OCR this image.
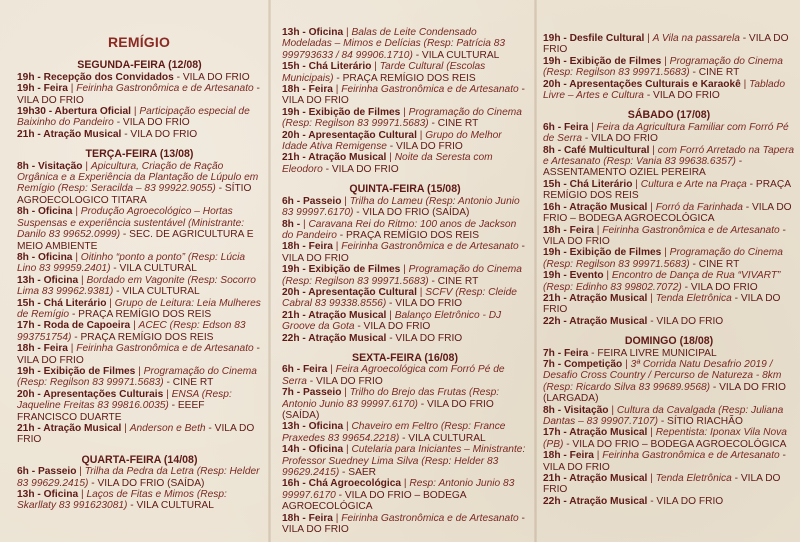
REMÍGIO
SEGUNDA-FEIRA (12/08)
19h - Recepção dos Convidados - VILA DO FRIO
19h - Feira | Feirinha Gastronômica e de Artesanato - VILA DO FRIO
19h30 - Abertura Oficial | Participação especial de Baixinho do Pandeiro - VILA DO FRIO
21h - Atração Musical - VILA DO FRIO
TERÇA-FEIRA (13/08)
8h - Visitação | Apicultura, Criação de Ração Orgânica e a Experiência da Plantação de Lúpulo em Remígio (Resp: Seracilda – 83 99922.9055) - SÍTIO AGROECOLOGICO TITARA
8h - Oficina | Produção Agroecológico – Hortas Suspensas e experiência sustentável (Ministrante: Danilo 83 99652.0999) - SEC. DE AGRICULTURA E MEIO AMBIENTE
8h - Oficina | Oitinho “ponto a ponto” (Resp: Lúcia Lino 83 99959.2401) - VILA CULTURAL
13h - Oficina | Bordado em Vagonite (Resp: Socorro Lima 83 99962.9381) - VILA CULTURAL
15h - Chá Literário | Grupo de Leitura: Leia Mulheres de Remígio - PRAÇA REMÍGIO DOS REIS
17h - Roda de Capoeira | ACEC (Resp: Edson 83 993751754) - PRAÇA REMÍGIO DOS REIS
18h - Feira | Feirinha Gastronômica e de Artesanato - VILA DO FRIO
19h - Exibição de Filmes | Programação do Cinema (Resp: Regilson 83 99971.5683) - CINE RT
20h - Apresentações Culturais | ENSA (Resp: Jaqueline Freitas 83 99816.0035) - EEEF FRANCISCO DUARTE
21h - Atração Musical | Anderson e Beth - VILA DO FRIO
QUARTA-FEIRA (14/08)
6h - Passeio | Trilha da Pedra da Letra (Resp: Helder 83 99629.2415) - VILA DO FRIO (SAÍDA)
13h - Oficina | Laços de Fitas e Mimos (Resp: Skarllaty 83 991623081) - VILA CULTURAL
13h - Oficina | Balas de Leite Condensado Modeladas – Mimos e Delícias (Resp: Patrícia 83 999793633 / 84 99906.1710) - VILA CULTURAL
15h - Chá Literário | Tarde Cultural (Escolas Municipais) - PRAÇA REMÍGIO DOS REIS
18h - Feira | Feirinha Gastronômica e de Artesanato - VILA DO FRIO
19h - Exibição de Filmes | Programação do Cinema (Resp: Regilson 83 99971.5683) - CINE RT
20h - Apresentação Cultural | Grupo do Melhor Idade Ativa Remigense - VILA DO FRIO
21h - Atração Musical | Noite da Seresta com Eleodoro - VILA DO FRIO
QUINTA-FEIRA (15/08)
6h - Passeio | Trilha do Lameu (Resp: Antonio Junio 83 99997.6170) - VILA DO FRIO (SAÍDA)
8h - | Caravana Rei do Ritmo: 100 anos de Jackson do Pandeiro - PRAÇA REMÍGIO DOS REIS
18h - Feira | Feirinha Gastronômica e de Artesanato - VILA DO FRIO
19h - Exibição de Filmes | Programação do Cinema (Resp: Regilson 83 99971.5683) - CINE RT
20h - Apresentação Cultural | SCFV (Resp: Cleide Cabral 83 99338.8556) - VILA DO FRIO
21h - Atração Musical | Balanço Eletrônico - DJ Groove da Gota - VILA DO FRIO
22h - Atração Musical - VILA DO FRIO
SEXTA-FEIRA (16/08)
6h - Feira | Feira Agroecológica com Forró Pé de Serra - VILA DO FRIO
7h - Passeio | Trilho do Brejo das Frutas (Resp: Antonio Junio 83 99997.6170) - VILA DO FRIO (SAÍDA)
13h - Oficina | Chaveiro em Feltro (Resp: France Praxedes 83 99654.2218) - VILA CULTURAL
14h - Oficina | Cutelaria para Iniciantes – Ministrante: Professor Suedney Lima Silva (Resp: Helder 83 99629.2415) - SAER
16h - Chá Agroecológica | Resp: Antonio Junio 83 99997.6170 - VILA DO FRIO – BODEGA AGROECOLÓGICA
18h - Feira | Feirinha Gastronômica e de Artesanato - VILA DO FRIO
19h - Desfile Cultural | A Vila na passarela - VILA DO FRIO
19h - Exibição de Filmes | Programação do Cinema (Resp: Regilson 83 99971.5683) - CINE RT
20h - Apresentações Culturais e Karaokê | Tablado Livre – Artes e Cultura - VILA DO FRIO
SÁBADO (17/08)
6h - Feira | Feira da Agricultura Familiar com Forró Pé de Serra - VILA DO FRIO
8h - Café Multicultural | com Forró Arretado na Tapera e Artesanato (Resp: Vania 83 99638.6357) - ASSENTAMENTO OZIEL PEREIRA
15h - Chá Literário | Cultura e Arte na Praça - PRAÇA REMÍGIO DOS REIS
16h - Atração Musical | Forró da Farinhada - VILA DO FRIO – BODEGA AGROECOLÓGICA
18h - Feira | Feirinha Gastronômica e de Artesanato - VILA DO FRIO
19h - Exibição de Filmes | Programação do Cinema (Resp: Regilson 83 99971.5683) - CINE RT
19h - Evento | Encontro de Dança de Rua “VIVART” (Resp: Edinho 83 99802.7072) - VILA DO FRIO
21h - Atração Musical | Tenda Eletrônica - VILA DO FRIO
22h - Atração Musical - VILA DO FRIO
DOMINGO (18/08)
7h - Feira - FEIRA LIVRE MUNICIPAL
7h - Competição | 3ª Corrida Natu Desafrio 2019 / Desafio Cross Country / Percurso de Natureza - 8km (Resp: Ricardo Silva 83 99689.9568) - VILA DO FRIO (LARGADA)
8h - Visitação | Cultura da Cavalgada (Resp: Juliana Dantas – 83 99907.7107) - SÍTIO RIACHÃO
17h - Atração Musical | Repentista: Iponax Vila Nova (PB) - VILA DO FRIO – BODEGA AGROECOLÓGICA
18h - Feira | Feirinha Gastronômica e de Artesanato - VILA DO FRIO
21h - Atração Musical | Tenda Eletrônica - VILA DO FRIO
22h - Atração Musical - VILA DO FRIO
